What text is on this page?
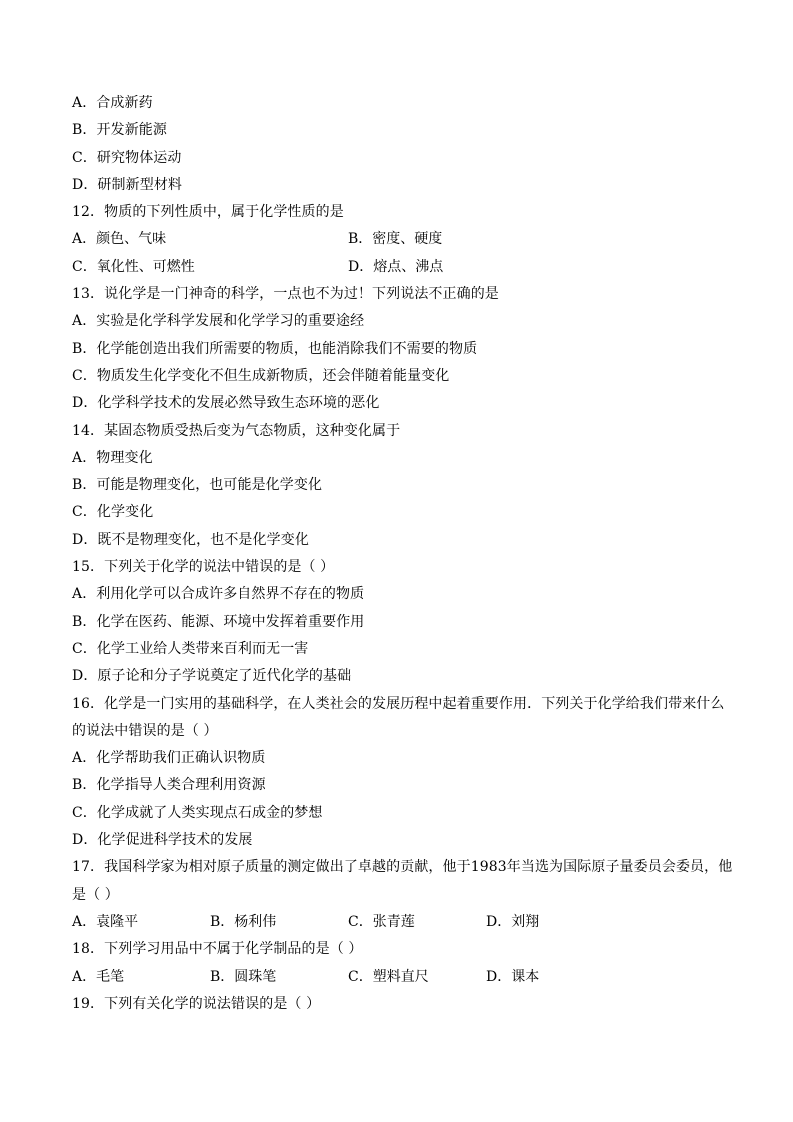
A．合成新药
B．开发新能源
C．研究物体运动
D．研制新型材料
12．物质的下列性质中，属于化学性质的是
A．颜色、气味	B．密度、硬度
C．氧化性、可燃性	D．熔点、沸点
13．说化学是一门神奇的科学，一点也不为过！下列说法不正确的是
A．实验是化学科学发展和化学学习的重要途经
B．化学能创造出我们所需要的物质，也能消除我们不需要的物质
C．物质发生化学变化不但生成新物质，还会伴随着能量变化
D．化学科学技术的发展必然导致生态环境的恶化
14．某固态物质受热后变为气态物质，这种变化属于
A．物理变化
B．可能是物理变化，也可能是化学变化
C．化学变化
D．既不是物理变化，也不是化学变化
15．下列关于化学的说法中错误的是（ ）
A．利用化学可以合成许多自然界不存在的物质
B．化学在医药、能源、环境中发挥着重要作用
C．化学工业给人类带来百利而无一害
D．原子论和分子学说奠定了近代化学的基础
16．化学是一门实用的基础科学，在人类社会的发展历程中起着重要作用．下列关于化学给我们带来什么
的说法中错误的是（ ）
A．化学帮助我们正确认识物质
B．化学指导人类合理利用资源
C．化学成就了人类实现点石成金的梦想
D．化学促进科学技术的发展
17．我国科学家为相对原子质量的测定做出了卓越的贡献，他于1983年当选为国际原子量委员会委员，他
是（ ）
A．袁隆平	B．杨利伟	C．张青莲	D．刘翔
18．下列学习用品中不属于化学制品的是（ ）
A．毛笔	B．圆珠笔	C．塑料直尺	D．课本
19．下列有关化学的说法错误的是（ ）
